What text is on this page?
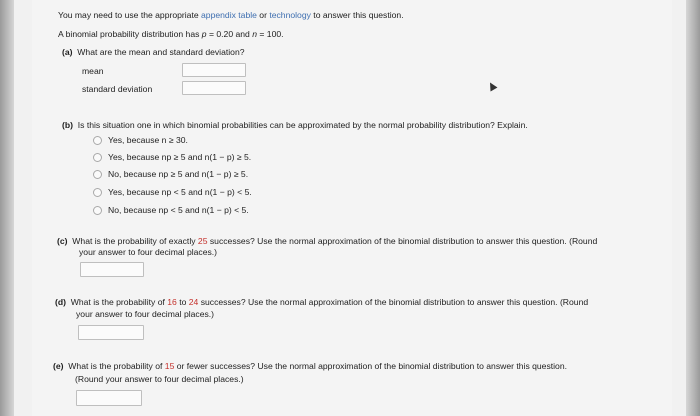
You may need to use the appropriate appendix table or technology to answer this question.
A binomial probability distribution has p = 0.20 and n = 100.
(a) What are the mean and standard deviation?
mean
standard deviation
(b) Is this situation one in which binomial probabilities can be approximated by the normal probability distribution? Explain.
Yes, because n ≥ 30.
Yes, because np ≥ 5 and n(1 − p) ≥ 5.
No, because np ≥ 5 and n(1 − p) ≥ 5.
Yes, because np < 5 and n(1 − p) < 5.
No, because np < 5 and n(1 − p) < 5.
(c) What is the probability of exactly 25 successes? Use the normal approximation of the binomial distribution to answer this question. (Round
your answer to four decimal places.)
(d) What is the probability of 16 to 24 successes? Use the normal approximation of the binomial distribution to answer this question. (Round
your answer to four decimal places.)
(e) What is the probability of 15 or fewer successes? Use the normal approximation of the binomial distribution to answer this question.
(Round your answer to four decimal places.)
